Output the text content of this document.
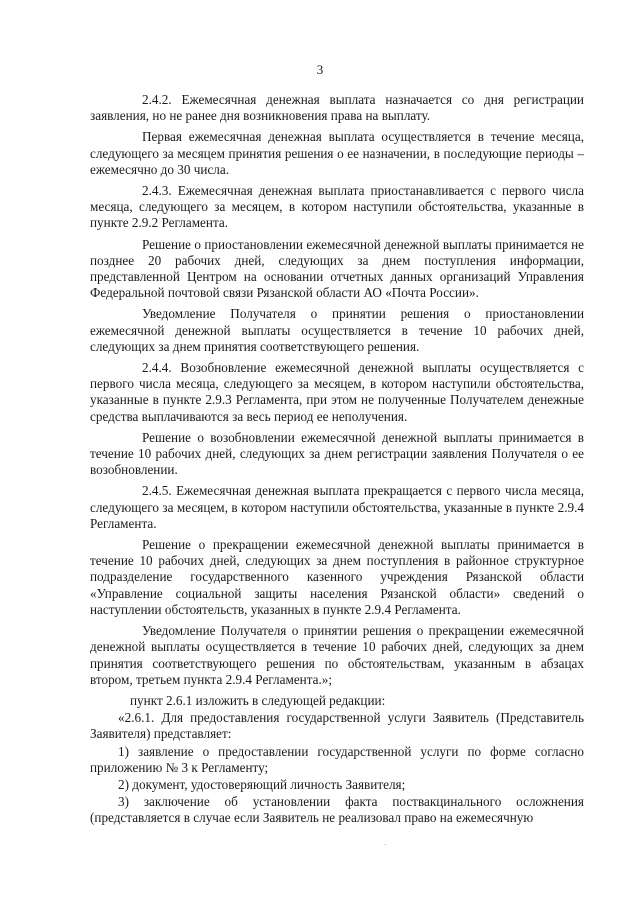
3

2.4.2. Ежемесячная денежная выплата назначается со дня регистрации заявления, но не ранее дня возникновения права на выплату.

Первая ежемесячная денежная выплата осуществляется в течение месяца, следующего за месяцем принятия решения о ее назначении, в последующие периоды – ежемесячно до 30 числа.

2.4.3. Ежемесячная денежная выплата приостанавливается с первого числа месяца, следующего за месяцем, в котором наступили обстоятельства, указанные в пункте 2.9.2 Регламента.

Решение о приостановлении ежемесячной денежной выплаты принимается не позднее 20 рабочих дней, следующих за днем поступления информации, представленной Центром на основании отчетных данных организаций Управления Федеральной почтовой связи Рязанской области АО «Почта России».

Уведомление Получателя о принятии решения о приостановлении ежемесячной денежной выплаты осуществляется в течение 10 рабочих дней, следующих за днем принятия соответствующего решения.

2.4.4. Возобновление ежемесячной денежной выплаты осуществляется с первого числа месяца, следующего за месяцем, в котором наступили обстоятельства, указанные в пункте 2.9.3 Регламента, при этом не полученные Получателем денежные средства выплачиваются за весь период ее неполучения.

Решение о возобновлении ежемесячной денежной выплаты принимается в течение 10 рабочих дней, следующих за днем регистрации заявления Получателя о ее возобновлении.

2.4.5. Ежемесячная денежная выплата прекращается с первого числа месяца, следующего за месяцем, в котором наступили обстоятельства, указанные в пункте 2.9.4 Регламента.

Решение о прекращении ежемесячной денежной выплаты принимается в течение 10 рабочих дней, следующих за днем поступления в районное структурное подразделение государственного казенного учреждения Рязанской области «Управление социальной защиты населения Рязанской области» сведений о наступлении обстоятельств, указанных в пункте 2.9.4 Регламента.

Уведомление Получателя о принятии решения о прекращении ежемесячной денежной выплаты осуществляется в течение 10 рабочих дней, следующих за днем принятия соответствующего решения по обстоятельствам, указанным в абзацах втором, третьем пункта 2.9.4 Регламента.»;

пункт 2.6.1 изложить в следующей редакции:

«2.6.1. Для предоставления государственной услуги Заявитель (Представитель Заявителя) представляет:

1) заявление о предоставлении государственной услуги по форме согласно приложению № 3 к Регламенту;

2) документ, удостоверяющий личность Заявителя;

3) заключение об установлении факта поствакцинального осложнения (представляется в случае если Заявитель не реализовал право на ежемесячную

.
